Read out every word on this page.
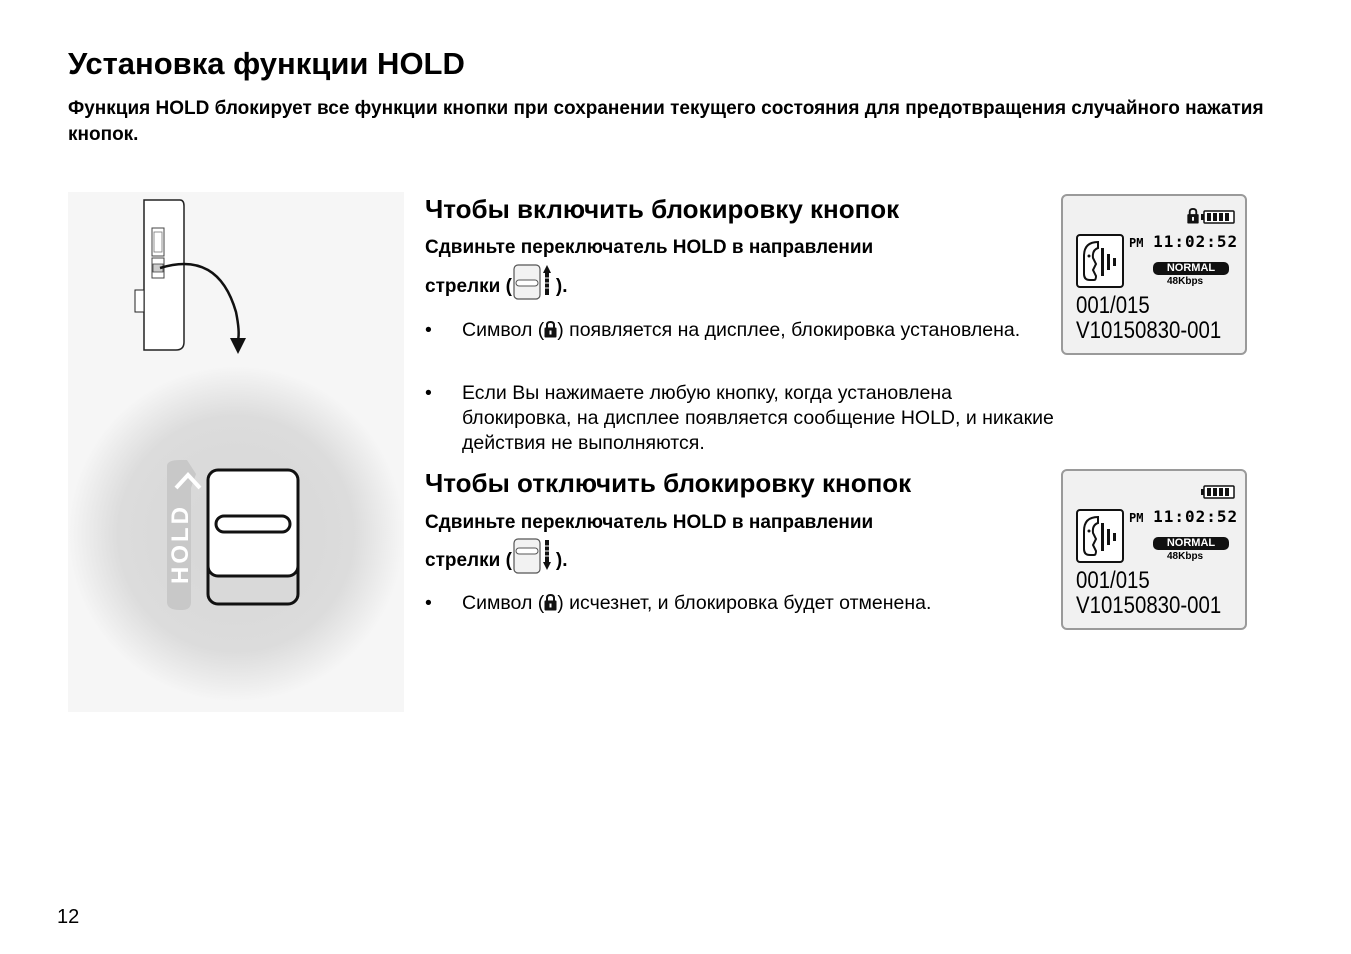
Установка функции HOLD
Функция HOLD блокирует все функции кнопки при сохранении текущего состояния для предотвращения случайного нажатия кнопок.
HOLD
Чтобы включить блокировку кнопок
Сдвиньте переключатель HOLD в направлении
стрелки ( ).
• Символ ( ) появляется на дисплее, блокировка установлена.
• Если Вы нажимаете любую кнопку, когда установлена блокировка, на дисплее появляется сообщение HOLD, и никакие действия не выполняются.
Чтобы отключить блокировку кнопок
Сдвиньте переключатель HOLD в направлении
стрелки ( ).
• Символ ( ) исчезнет, и блокировка будет отменена.
PM 11:02:52
NORMAL
48Kbps
001/015
V10150830-001
PM 11:02:52
NORMAL
48Kbps
001/015
V10150830-001
12
